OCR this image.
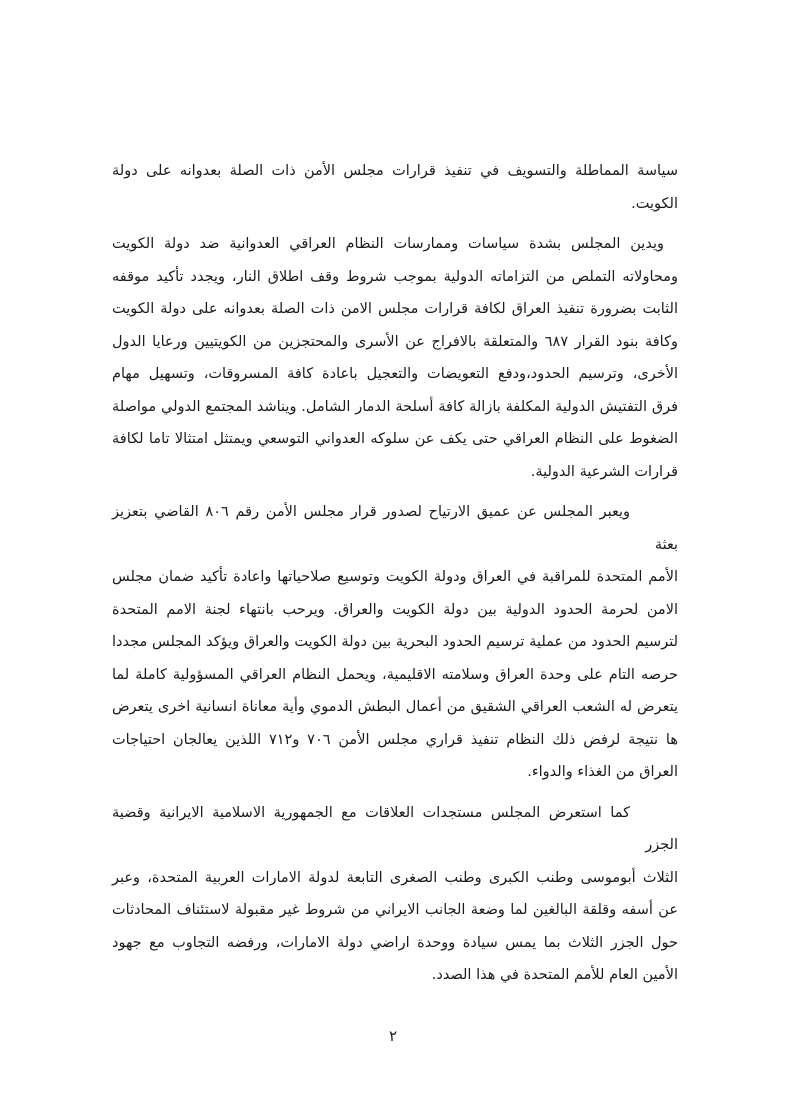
سياسة المماطلة والتسويف في تنفيذ قرارات مجلس الأمن ذات الصلة بعدوانه على دولة
الكويت.
ويدين المجلس بشدة سياسات وممارسات النظام العراقي العدوانية ضد دولة الكويت
ومحاولاته التملص من التزاماته الدولية بموجب شروط وقف اطلاق النار، ويجدد تأكيد موقفه
الثابت بضرورة تنفيذ العراق لكافة قرارات مجلس الامن ذات الصلة بعدوانه على دولة الكويت
وكافة بنود القرار ٦٨٧ والمتعلقة بالافراج عن الأسرى والمحتجزين من الكويتيين ورعايا الدول
الأخرى، وترسيم الحدود،ودفع التعويضات والتعجيل باعادة كافة المسروقات، وتسهيل مهام
فرق التفتيش الدولية المكلفة بازالة كافة أسلحة الدمار الشامل. ويناشد المجتمع الدولي مواصلة
الضغوط على النظام العراقي حتى يكف عن سلوكه العدواني التوسعي ويمتثل امتثالا تاما لكافة
قرارات الشرعية الدولية.
ويعبر المجلس عن عميق الارتياح لصدور قرار مجلس الأمن رقم ٨٠٦ القاضي بتعزيز بعثة
الأمم المتحدة للمراقبة في العراق ودولة الكويت وتوسيع صلاحياتها واعادة تأكيد ضمان مجلس
الامن لحرمة الحدود الدولية بين دولة الكويت والعراق. ويرحب بانتهاء لجنة الامم المتحدة
لترسيم الحدود من عملية ترسيم الحدود البحرية بين دولة الكويت والعراق ويؤكد المجلس مجددا
حرصه التام على وحدة العراق وسلامته الاقليمية، ويحمل النظام العراقي المسؤولية كاملة لما
يتعرض له الشعب العراقي الشقيق من أعمال البطش الدموي وأية معاناة انسانية اخرى يتعرض
ها نتيجة لرفض ذلك النظام تنفيذ قراري مجلس الأمن ٧٠٦ و٧١٢ اللذين يعالجان احتياجات
العراق من الغذاء والدواء.
كما استعرض المجلس مستجدات العلاقات مع الجمهورية الاسلامية الايرانية وقضية الجزر
الثلاث أبوموسى وطنب الكبرى وطنب الصغرى التابعة لدولة الامارات العربية المتحدة، وعبر
عن أسفه وقلقة البالغين لما وضعة الجانب الايراني من شروط غير مقبولة لاستئناف المحادثات
حول الجزر الثلاث بما يمس سيادة ووحدة اراضي دولة الامارات، ورفضه التجاوب مع جهود
الأمين العام للأمم المتحدة في هذا الصدد.
٢
